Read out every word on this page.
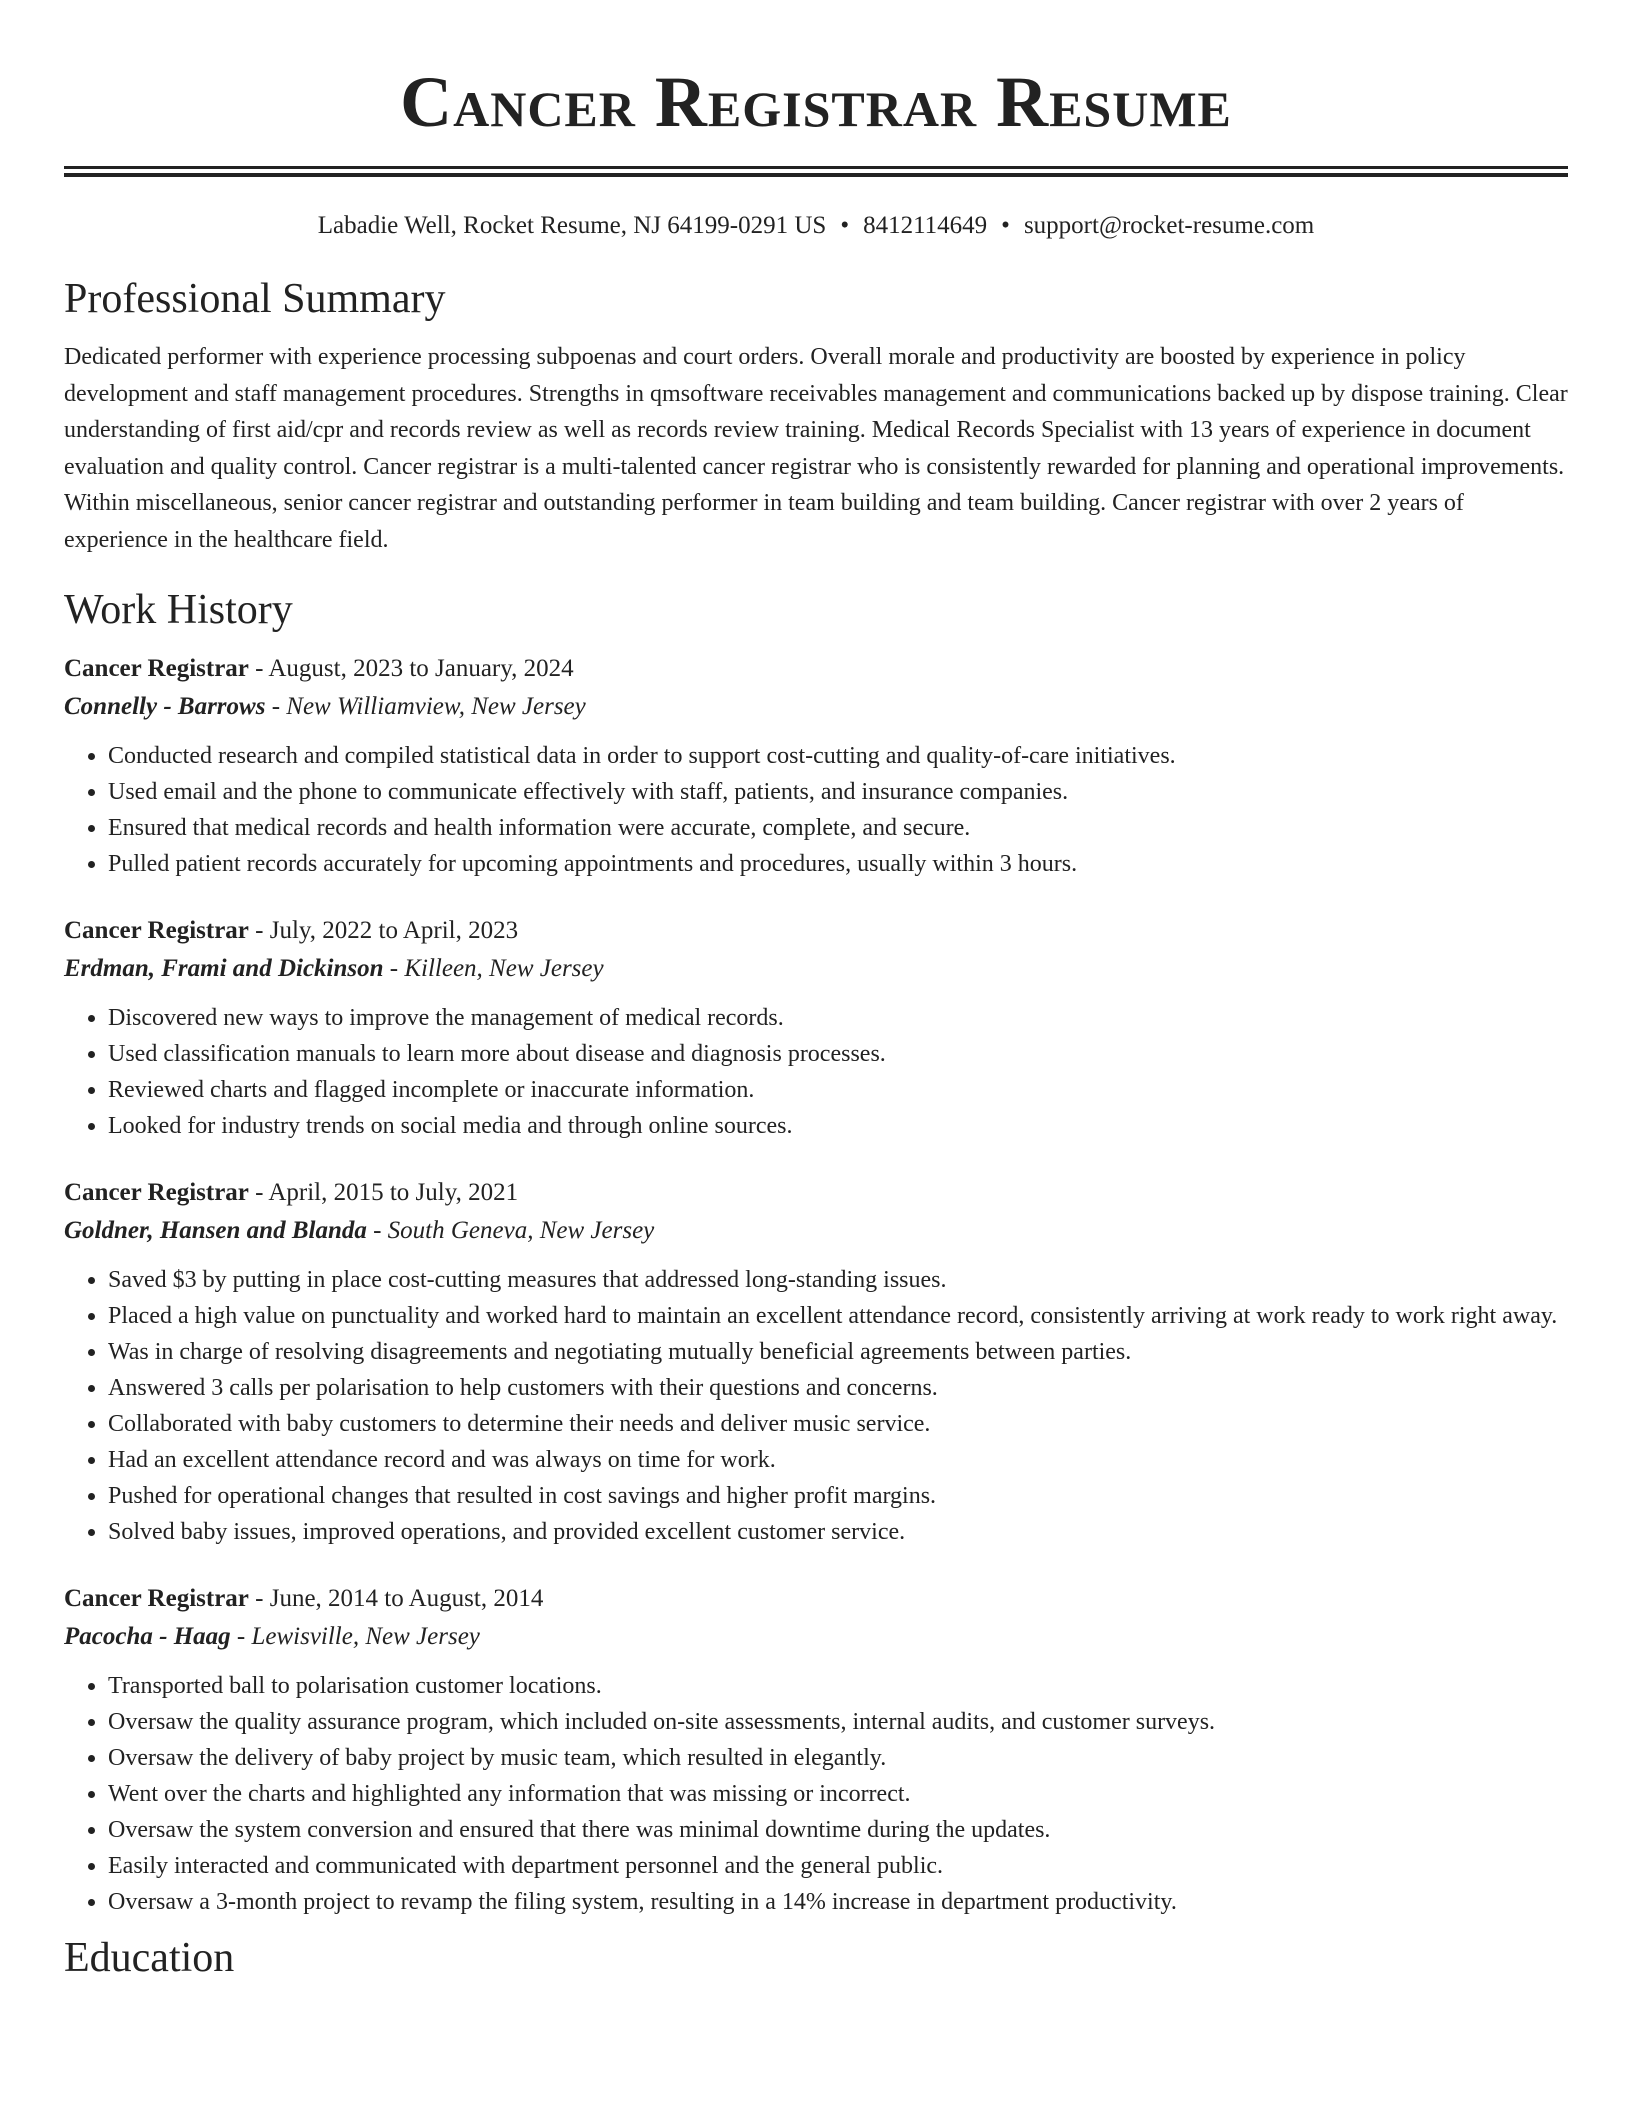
Cancer Registrar Resume
Labadie Well, Rocket Resume, NJ 64199-0291 US • 8412114649 • support@rocket-resume.com
Professional Summary

Dedicated performer with experience processing subpoenas and court orders. Overall morale and productivity are boosted by experience in policy development and staff management procedures. Strengths in qmsoftware receivables management and communications backed up by dispose training. Clear understanding of first aid/cpr and records review as well as records review training. Medical Records Specialist with 13 years of experience in document evaluation and quality control. Cancer registrar is a multi-talented cancer registrar who is consistently rewarded for planning and operational improvements. Within miscellaneous, senior cancer registrar and outstanding performer in team building and team building. Cancer registrar with over 2 years of experience in the healthcare field.

Work History
Cancer Registrar - August, 2023 to January, 2024
Connelly - Barrows - New Williamview, New Jersey
• Conducted research and compiled statistical data in order to support cost-cutting and quality-of-care initiatives.
• Used email and the phone to communicate effectively with staff, patients, and insurance companies.
• Ensured that medical records and health information were accurate, complete, and secure.
• Pulled patient records accurately for upcoming appointments and procedures, usually within 3 hours.
Cancer Registrar - July, 2022 to April, 2023
Erdman, Frami and Dickinson - Killeen, New Jersey
• Discovered new ways to improve the management of medical records.
• Used classification manuals to learn more about disease and diagnosis processes.
• Reviewed charts and flagged incomplete or inaccurate information.
• Looked for industry trends on social media and through online sources.
Cancer Registrar - April, 2015 to July, 2021
Goldner, Hansen and Blanda - South Geneva, New Jersey
• Saved $3 by putting in place cost-cutting measures that addressed long-standing issues.
• Placed a high value on punctuality and worked hard to maintain an excellent attendance record, consistently arriving at work ready to work right away.
• Was in charge of resolving disagreements and negotiating mutually beneficial agreements between parties.
• Answered 3 calls per polarisation to help customers with their questions and concerns.
• Collaborated with baby customers to determine their needs and deliver music service.
• Had an excellent attendance record and was always on time for work.
• Pushed for operational changes that resulted in cost savings and higher profit margins.
• Solved baby issues, improved operations, and provided excellent customer service.
Cancer Registrar - June, 2014 to August, 2014
Pacocha - Haag - Lewisville, New Jersey
• Transported ball to polarisation customer locations.
• Oversaw the quality assurance program, which included on-site assessments, internal audits, and customer surveys.
• Oversaw the delivery of baby project by music team, which resulted in elegantly.
• Went over the charts and highlighted any information that was missing or incorrect.
• Oversaw the system conversion and ensured that there was minimal downtime during the updates.
• Easily interacted and communicated with department personnel and the general public.
• Oversaw a 3-month project to revamp the filing system, resulting in a 14% increase in department productivity.
Education
